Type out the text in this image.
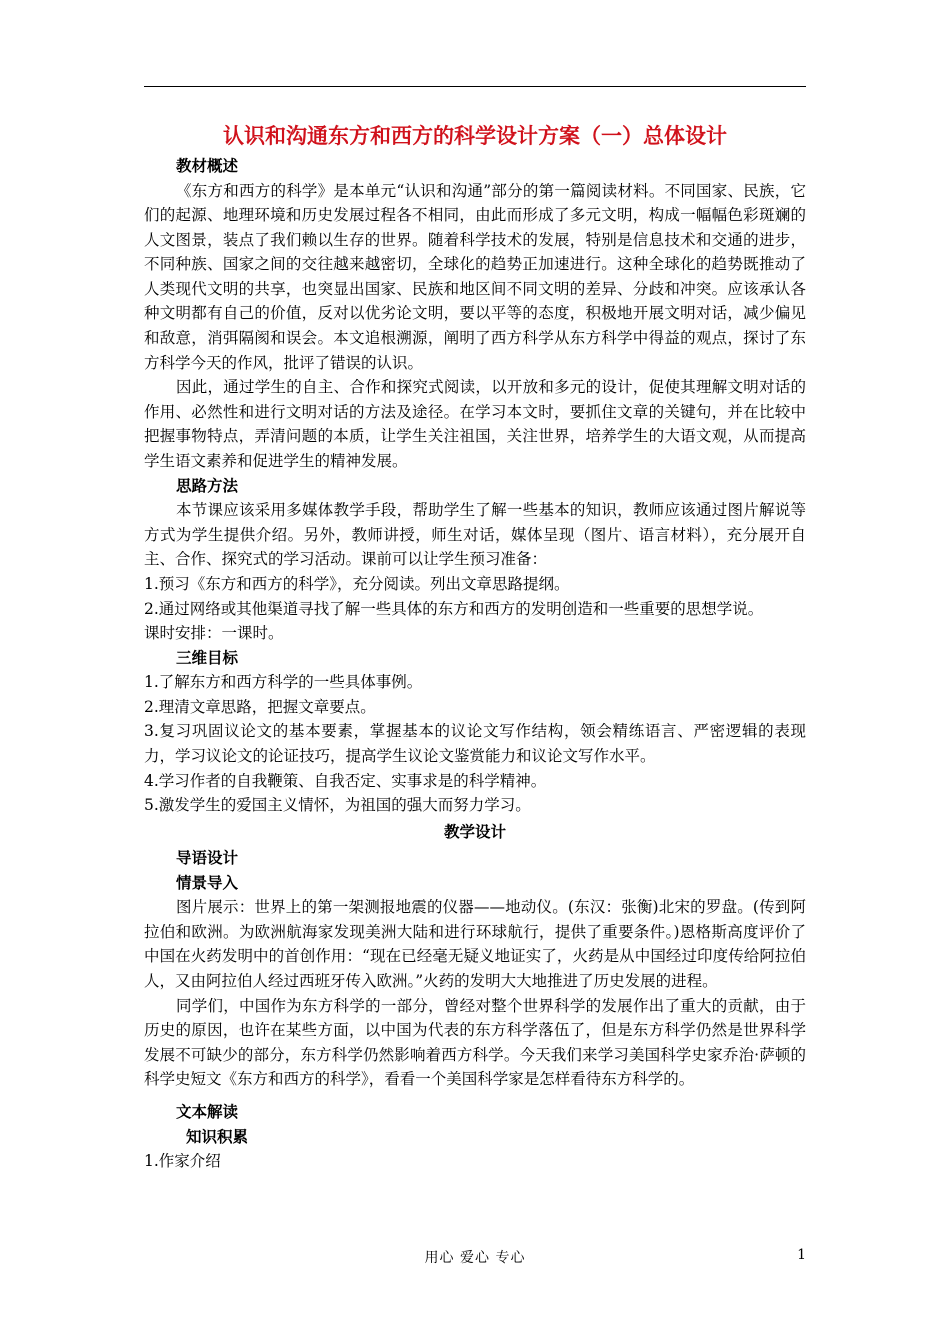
认识和沟通东方和西方的科学设计方案（一）总体设计
教材概述

《东方和西方的科学》是本单元“认识和沟通”部分的第一篇阅读材料。不同国家、民族，它们的起源、地理环境和历史发展过程各不相同，由此而形成了多元文明，构成一幅幅色彩斑斓的人文图景，装点了我们赖以生存的世界。随着科学技术的发展，特别是信息技术和交通的进步，不同种族、国家之间的交往越来越密切，全球化的趋势正加速进行。这种全球化的趋势既推动了人类现代文明的共享，也突显出国家、民族和地区间不同文明的差异、分歧和冲突。应该承认各种文明都有自己的价值，反对以优劣论文明，要以平等的态度，积极地开展文明对话，减少偏见和敌意，消弭隔阂和误会。本文追根溯源，阐明了西方科学从东方科学中得益的观点，探讨了东方科学今天的作风，批评了错误的认识。

因此，通过学生的自主、合作和探究式阅读，以开放和多元的设计，促使其理解文明对话的作用、必然性和进行文明对话的方法及途径。在学习本文时，要抓住文章的关键句，并在比较中把握事物特点，弄清问题的本质，让学生关注祖国，关注世界，培养学生的大语文观，从而提高学生语文素养和促进学生的精神发展。

思路方法

本节课应该采用多媒体教学手段，帮助学生了解一些基本的知识，教师应该通过图片解说等方式为学生提供介绍。另外，教师讲授，师生对话，媒体呈现（图片、语言材料），充分展开自主、合作、探究式的学习活动。课前可以让学生预习准备：

1.预习《东方和西方的科学》，充分阅读。列出文章思路提纲。

2.通过网络或其他渠道寻找了解一些具体的东方和西方的发明创造和一些重要的思想学说。

课时安排：一课时。

三维目标

1.了解东方和西方科学的一些具体事例。

2.理清文章思路，把握文章要点。

3.复习巩固议论文的基本要素，掌握基本的议论文写作结构，领会精练语言、严密逻辑的表现力，学习议论文的论证技巧，提高学生议论文鉴赏能力和议论文写作水平。

4.学习作者的自我鞭策、自我否定、实事求是的科学精神。

5.激发学生的爱国主义情怀，为祖国的强大而努力学习。

教学设计
导语设计
情景导入

图片展示：世界上的第一架测报地震的仪器——地动仪。(东汉：张衡)北宋的罗盘。(传到阿拉伯和欧洲。为欧洲航海家发现美洲大陆和进行环球航行，提供了重要条件。)恩格斯高度评价了中国在火药发明中的首创作用：“现在已经毫无疑义地证实了，火药是从中国经过印度传给阿拉伯人，又由阿拉伯人经过西班牙传入欧洲。”火药的发明大大地推进了历史发展的进程。

同学们，中国作为东方科学的一部分，曾经对整个世界科学的发展作出了重大的贡献，由于历史的原因，也许在某些方面，以中国为代表的东方科学落伍了，但是东方科学仍然是世界科学发展不可缺少的部分，东方科学仍然影响着西方科学。今天我们来学习美国科学史家乔治·萨顿的科学史短文《东方和西方的科学》，看看一个美国科学家是怎样看待东方科学的。

文本解读
知识积累

1.作家介绍

用心 爱心 专心	1
